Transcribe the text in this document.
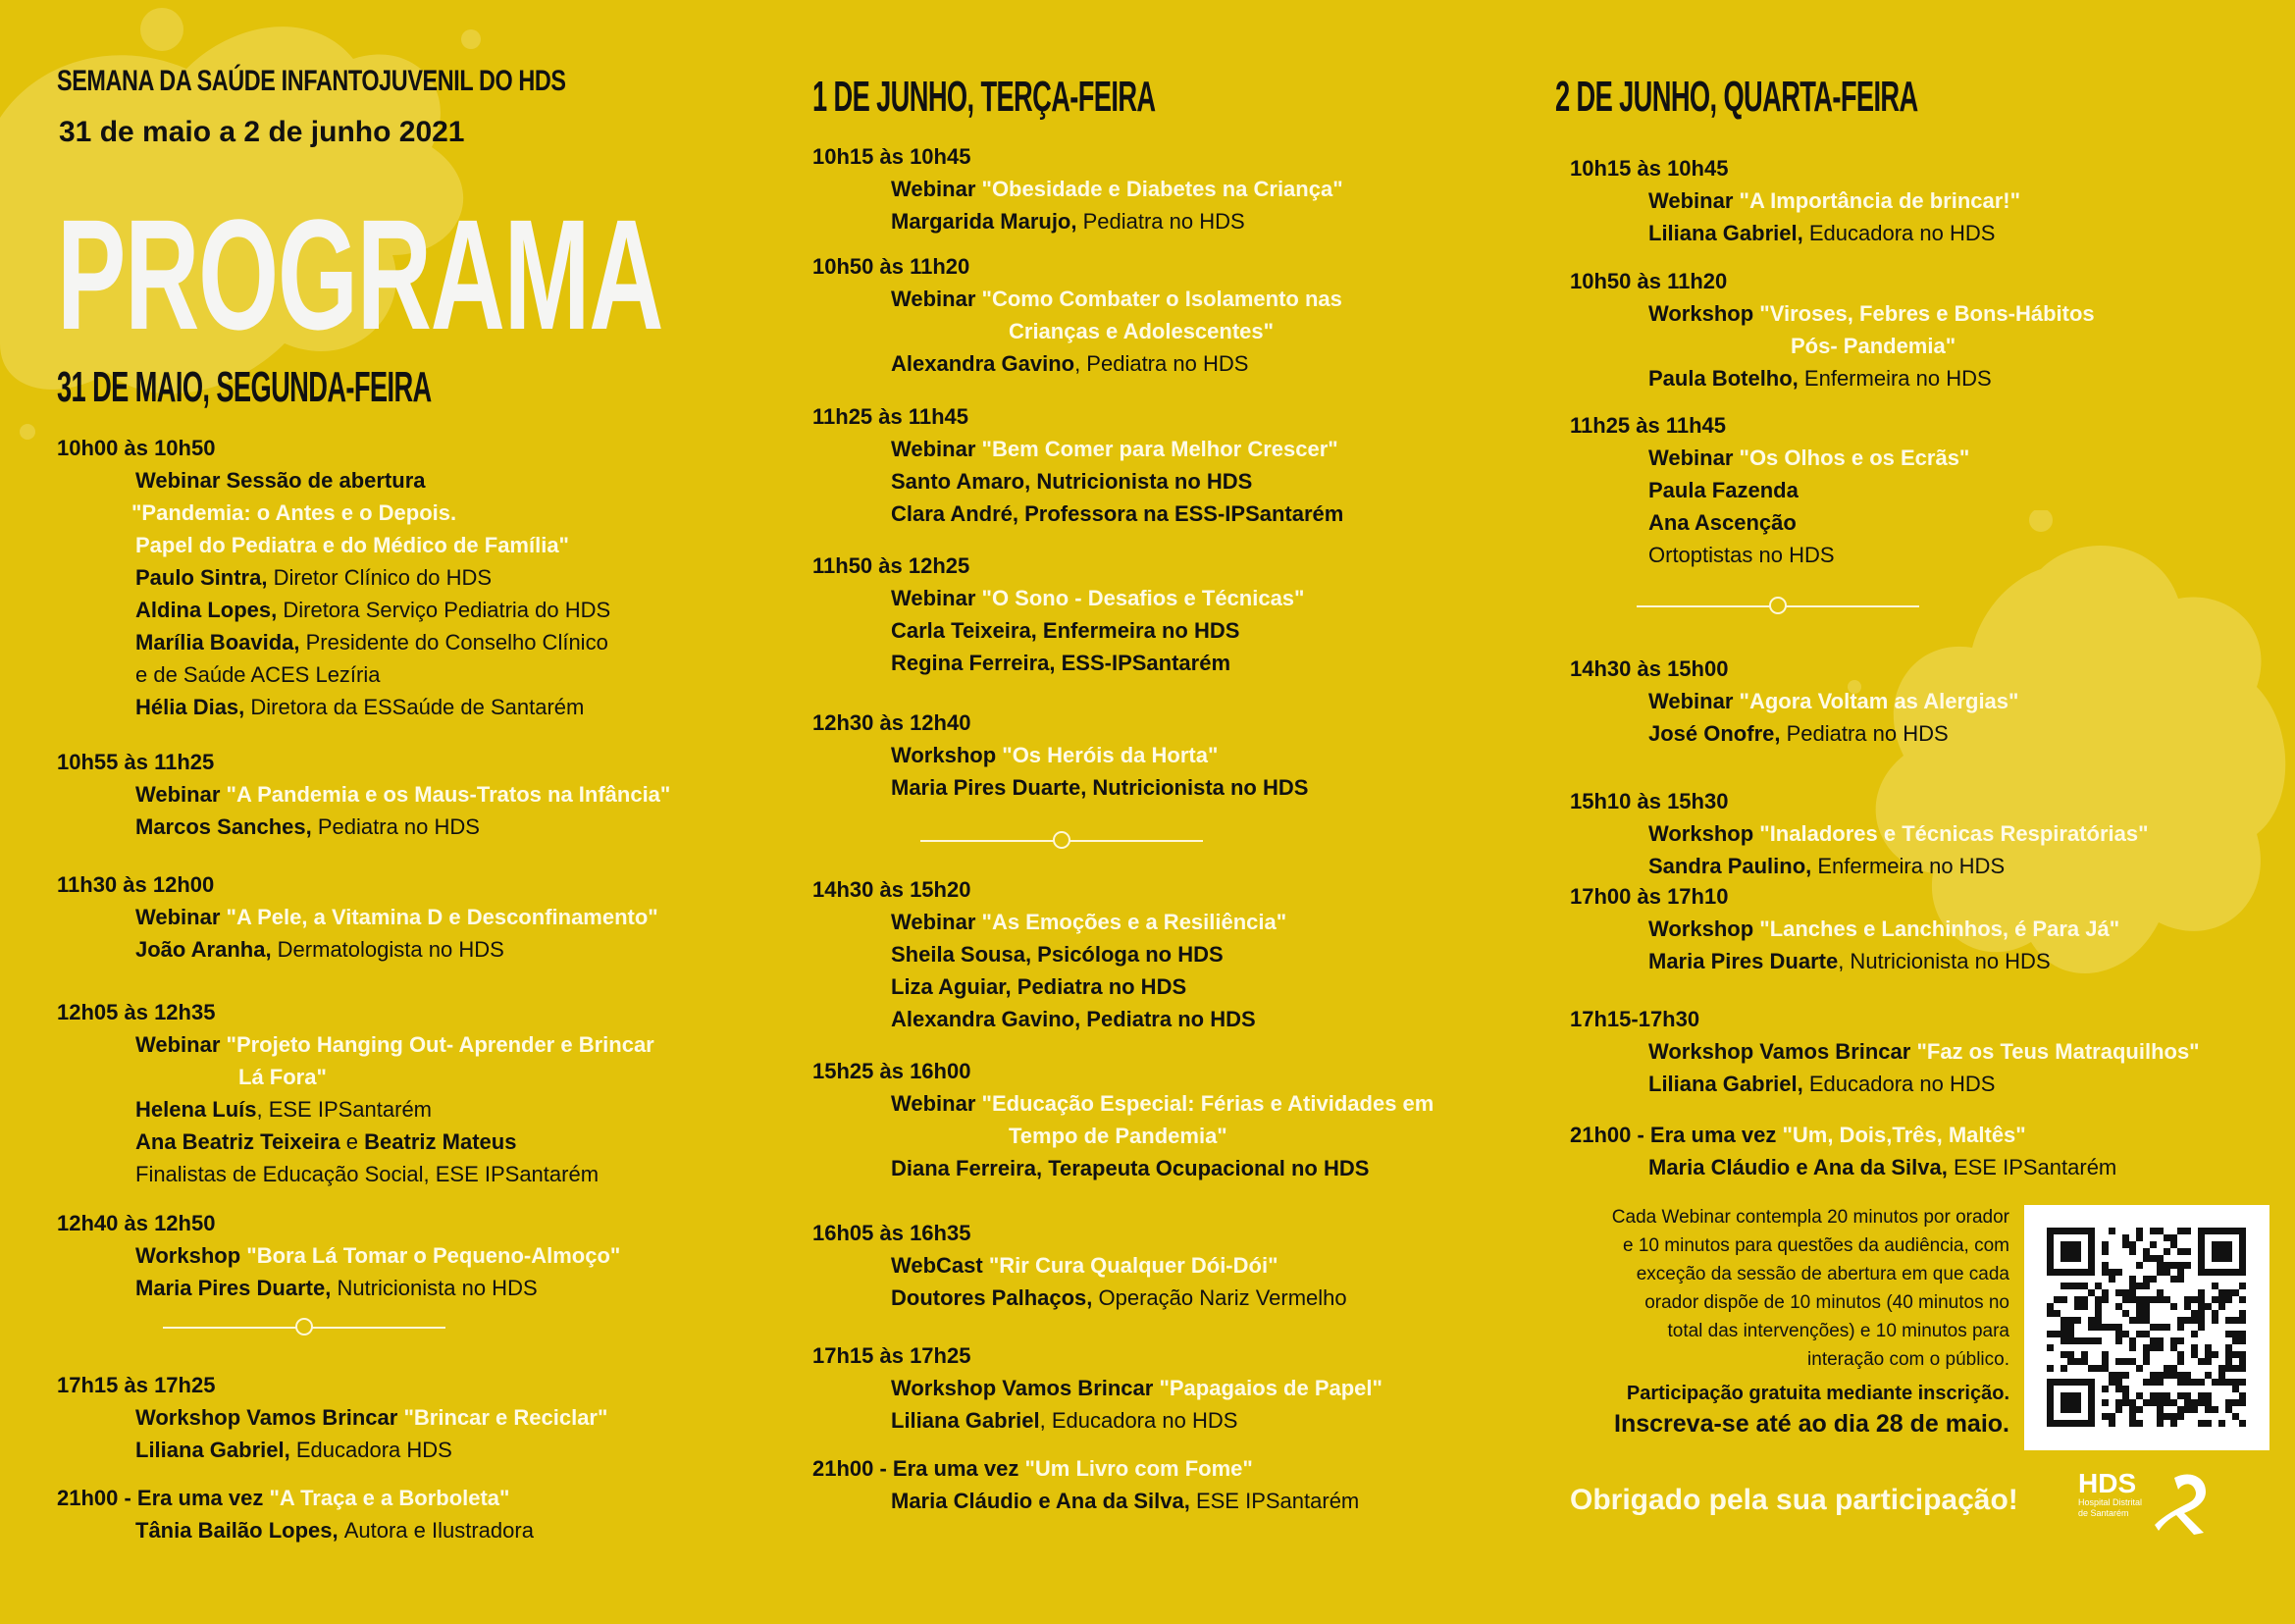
SEMANA DA SAÚDE INFANTOJUVENIL DO HDS
31 de maio a 2 de junho 2021
PROGRAMA
31 DE MAIO, SEGUNDA-FEIRA
10h00 às 10h50
Webinar Sessão de abertura
"Pandemia: o Antes e o Depois.
Papel do Pediatra e do Médico de Família"
Paulo Sintra, Diretor Clínico do HDS
Aldina Lopes, Diretora Serviço Pediatria do HDS
Marília Boavida, Presidente do Conselho Clínico
e de Saúde ACES Lezíria
Hélia Dias, Diretora da ESSaúde de Santarém
10h55 às 11h25
Webinar "A Pandemia e os Maus-Tratos na Infância"
Marcos Sanches, Pediatra no HDS
11h30 às 12h00
Webinar "A Pele, a Vitamina D e Desconfinamento"
João Aranha, Dermatologista no HDS
12h05 às 12h35
Webinar "Projeto Hanging Out- Aprender e Brincar
Lá Fora"
Helena Luís, ESE IPSantarém
Ana Beatriz Teixeira e Beatriz Mateus
Finalistas de Educação Social, ESE IPSantarém
12h40 às 12h50
Workshop "Bora Lá Tomar o Pequeno-Almoço"
Maria Pires Duarte, Nutricionista no HDS
17h15 às 17h25
Workshop Vamos Brincar "Brincar e Reciclar"
Liliana Gabriel, Educadora HDS
21h00 - Era uma vez "A Traça e a Borboleta"
Tânia Bailão Lopes, Autora e Ilustradora
1 DE JUNHO, TERÇA-FEIRA
10h15 às 10h45
Webinar "Obesidade e Diabetes na Criança"
Margarida Marujo, Pediatra no HDS
10h50 às 11h20
Webinar "Como Combater o Isolamento nas
Crianças e Adolescentes"
Alexandra Gavino, Pediatra no HDS
11h25 às 11h45
Webinar "Bem Comer para Melhor Crescer"
Santo Amaro, Nutricionista no HDS
Clara André, Professora na ESS-IPSantarém
11h50 às 12h25
Webinar "O Sono - Desafios e Técnicas"
Carla Teixeira, Enfermeira no HDS
Regina Ferreira, ESS-IPSantarém
12h30 às 12h40
Workshop "Os Heróis da Horta"
Maria Pires Duarte, Nutricionista no HDS
14h30 às 15h20
Webinar "As Emoções e a Resiliência"
Sheila Sousa, Psicóloga no HDS
Liza Aguiar, Pediatra no HDS
Alexandra Gavino, Pediatra no HDS
15h25 às 16h00
Webinar "Educação Especial: Férias e Atividades em
Tempo de Pandemia"
Diana Ferreira, Terapeuta Ocupacional no HDS
16h05 às 16h35
WebCast "Rir Cura Qualquer Dói-Dói"
Doutores Palhaços, Operação Nariz Vermelho
17h15 às 17h25
Workshop Vamos Brincar "Papagaios de Papel"
Liliana Gabriel, Educadora no HDS
21h00 - Era uma vez "Um Livro com Fome"
Maria Cláudio e Ana da Silva, ESE IPSantarém
2 DE JUNHO, QUARTA-FEIRA
10h15 às 10h45
Webinar "A Importância de brincar!"
Liliana Gabriel, Educadora no HDS
10h50 às 11h20
Workshop "Viroses, Febres e Bons-Hábitos
Pós- Pandemia"
Paula Botelho, Enfermeira no HDS
11h25 às 11h45
Webinar "Os Olhos e os Ecrãs"
Paula Fazenda
Ana Ascenção
Ortoptistas no HDS
14h30 às 15h00
Webinar "Agora Voltam as Alergias"
José Onofre, Pediatra no HDS
15h10 às 15h30
Workshop "Inaladores e Técnicas Respiratórias"
Sandra Paulino, Enfermeira no HDS
17h00 às 17h10
Workshop "Lanches e Lanchinhos, é Para Já"
Maria Pires Duarte, Nutricionista no HDS
17h15-17h30
Workshop Vamos Brincar "Faz os Teus Matraquilhos"
Liliana Gabriel, Educadora no HDS
21h00 - Era uma vez "Um, Dois,Três, Maltês"
Maria Cláudio e Ana da Silva, ESE IPSantarém
Cada Webinar contempla 20 minutos por orador
e 10 minutos para questões da audiência, com
exceção da sessão de abertura em que cada
orador dispõe de 10 minutos (40 minutos no
total das intervenções) e 10 minutos para
interação com o público.
Participação gratuita mediante inscrição.
Inscreva-se até ao dia 28 de maio.
Obrigado pela sua participação!
HDS
Hospital Distrital
de Santarém
